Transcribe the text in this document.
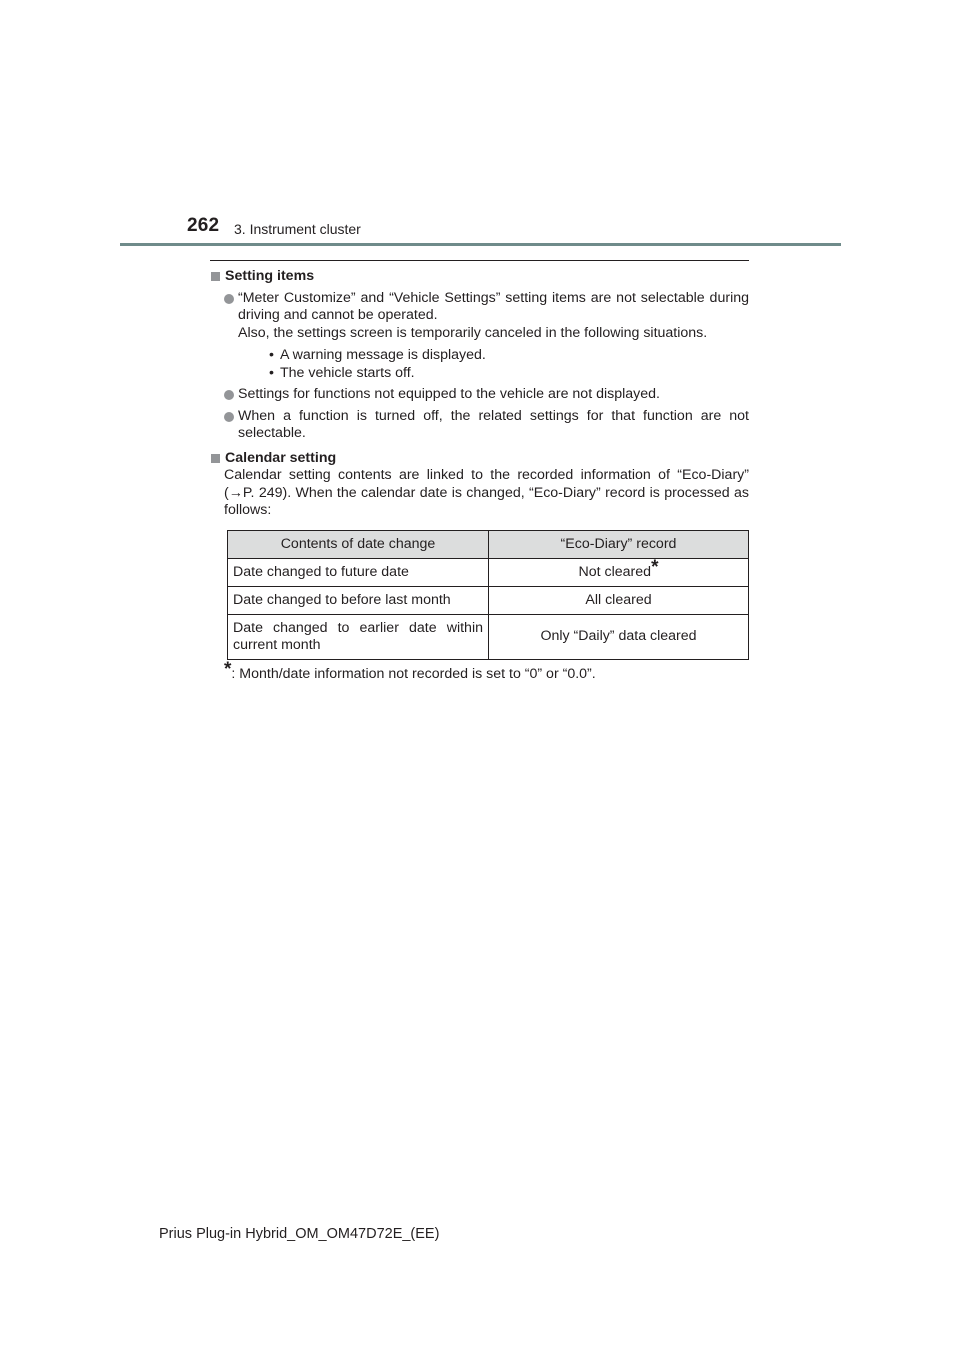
262 3. Instrument cluster
Setting items
“Meter Customize” and “Vehicle Settings” setting items are not selectable during driving and cannot be operated.
Also, the settings screen is temporarily canceled in the following situations.
• A warning message is displayed.
• The vehicle starts off.
Settings for functions not equipped to the vehicle are not displayed.
When a function is turned off, the related settings for that function are not selectable.
Calendar setting
Calendar setting contents are linked to the recorded information of “Eco-Diary” (→P. 249). When the calendar date is changed, “Eco-Diary” record is processed as follows:
Contents of date change	“Eco-Diary” record
Date changed to future date	Not cleared*
Date changed to before last month	All cleared
Date changed to earlier date within current month	Only “Daily” data cleared
*: Month/date information not recorded is set to “0” or “0.0”.
Prius Plug-in Hybrid_OM_OM47D72E_(EE)
